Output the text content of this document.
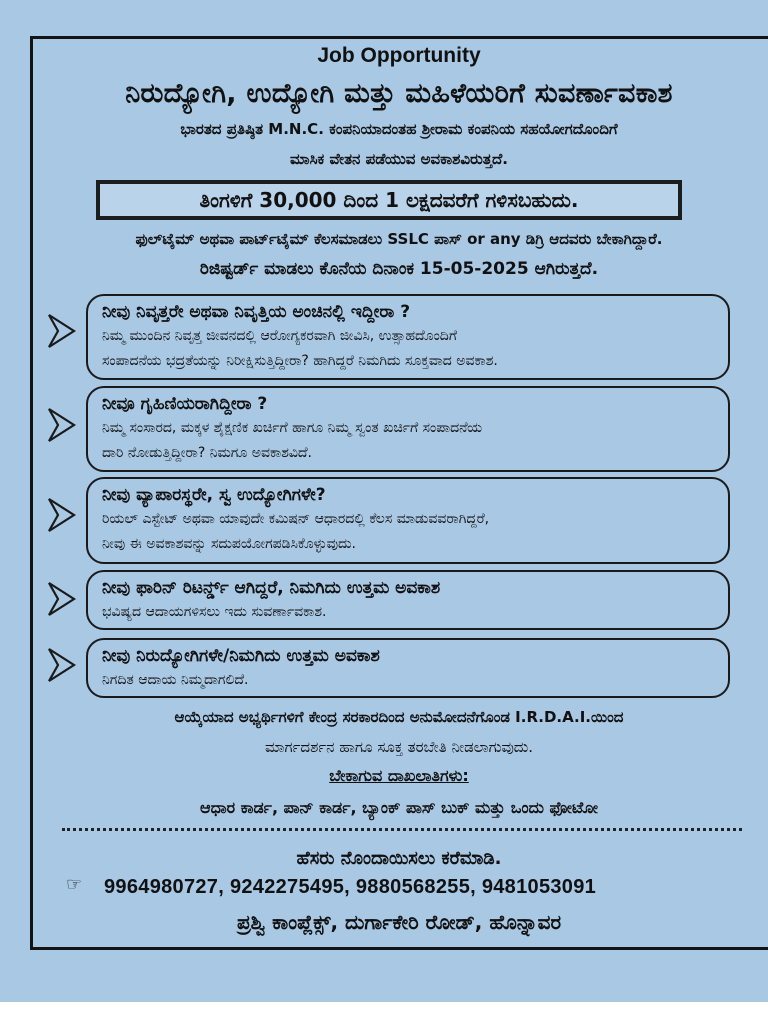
Job Opportunity
ನಿರುದ್ಯೋಗಿ, ಉದ್ಯೋಗಿ ಮತ್ತು ಮಹಿಳೆಯರಿಗೆ ಸುವರ್ಣಾವಕಾಶ
ಭಾರತದ ಪ್ರತಿಷ್ಠಿತ M.N.C. ಕಂಪನಿಯಾದಂತಹ ಶ್ರೀರಾಮ ಕಂಪನಿಯ ಸಹಯೋಗದೊಂದಿಗೆ
ಮಾಸಿಕ ವೇತನ ಪಡೆಯುವ ಅವಕಾಶವಿರುತ್ತದೆ.
ತಿಂಗಳಿಗೆ 30,000 ದಿಂದ 1 ಲಕ್ಷದವರೆಗೆ ಗಳಿಸಬಹುದು.
ಫುಲ್‌ಟೈಮ್ ಅಥವಾ ಪಾರ್ಟ್‌ಟೈಮ್ ಕೆಲಸಮಾಡಲು SSLC ಪಾಸ್ or any ಡಿಗ್ರಿ ಆದವರು ಬೇಕಾಗಿದ್ದಾರೆ.
ರಿಜಿಷ್ಟರ್ಡ್ ಮಾಡಲು ಕೊನೆಯ ದಿನಾಂಕ 15-05-2025 ಆಗಿರುತ್ತದೆ.
ನೀವು ನಿವೃತ್ತರೇ ಅಥವಾ ನಿವೃತ್ತಿಯ ಅಂಚಿನಲ್ಲಿ ಇದ್ದೀರಾ ?
ನಿಮ್ಮ ಮುಂದಿನ ನಿವೃತ್ತ ಜೀವನದಲ್ಲಿ ಆರೋಗ್ಯಕರವಾಗಿ ಜೀವಿಸಿ, ಉತ್ಸಾಹದೊಂದಿಗೆ
ಸಂಪಾದನೆಯ ಭದ್ರತೆಯನ್ನು ನಿರೀಕ್ಷಿಸುತ್ತಿದ್ದೀರಾ? ಹಾಗಿದ್ದರೆ ನಿಮಗಿದು ಸೂಕ್ತವಾದ ಅವಕಾಶ.
ನೀವೂ ಗೃಹಿಣಿಯರಾಗಿದ್ದೀರಾ ?
ನಿಮ್ಮ ಸಂಸಾರದ, ಮಕ್ಕಳ ಶೈಕ್ಷಣಿಕ ಖರ್ಚಿಗೆ ಹಾಗೂ ನಿಮ್ಮ ಸ್ವಂತ ಖರ್ಚಿಗೆ ಸಂಪಾದನೆಯ
ದಾರಿ ನೋಡುತ್ತಿದ್ದೀರಾ? ನಿಮಗೂ ಅವಕಾಶವಿದೆ.
ನೀವು ವ್ಯಾಪಾರಸ್ಥರೇ, ಸ್ವ ಉದ್ಯೋಗಿಗಳೇ?
ರಿಯಲ್ ಎಸ್ಟೇಟ್ ಅಥವಾ ಯಾವುದೇ ಕಮಿಷನ್ ಆಧಾರದಲ್ಲಿ ಕೆಲಸ ಮಾಡುವವರಾಗಿದ್ದರೆ,
ನೀವು ಈ ಅವಕಾಶವನ್ನು ಸದುಪಯೋಗಪಡಿಸಿಕೊಳ್ಳುವುದು.
ನೀವು ಫಾರಿನ್ ರಿಟರ್ನ್ಡ್ ಆಗಿದ್ದರೆ, ನಿಮಗಿದು ಉತ್ತಮ ಅವಕಾಶ
ಭವಿಷ್ಯದ ಆದಾಯಗಳಿಸಲು ಇದು ಸುವರ್ಣಾವಕಾಶ.
ನೀವು ನಿರುದ್ಯೋಗಿಗಳೇ/ನಿಮಗಿದು ಉತ್ತಮ ಅವಕಾಶ
ನಿಗದಿತ ಆದಾಯ ನಿಮ್ಮದಾಗಲಿದೆ.
ಆಯ್ಕೆಯಾದ ಅಭ್ಯರ್ಥಿಗಳಿಗೆ ಕೇಂದ್ರ ಸರಕಾರದಿಂದ ಅನುಮೋದನೆಗೊಂಡ I.R.D.A.I.ಯಿಂದ
ಮಾರ್ಗದರ್ಶನ ಹಾಗೂ ಸೂಕ್ತ ತರಬೇತಿ ನೀಡಲಾಗುವುದು.
ಬೇಕಾಗುವ ದಾಖಲಾತಿಗಳು:
ಆಧಾರ ಕಾರ್ಡ, ಪಾನ್ ಕಾರ್ಡ, ಬ್ಯಾಂಕ್ ಪಾಸ್ ಬುಕ್ ಮತ್ತು ಒಂದು ಫೋಟೋ
ಹೆಸರು ನೊಂದಾಯಿಸಲು ಕರೆಮಾಡಿ.
☞ 9964980727, 9242275495, 9880568255, 9481053091
ಪ್ರಶ್ವಿ ಕಾಂಪ್ಲೆಕ್ಸ್, ದುರ್ಗಾಕೇರಿ ರೋಡ್, ಹೊನ್ನಾವರ
